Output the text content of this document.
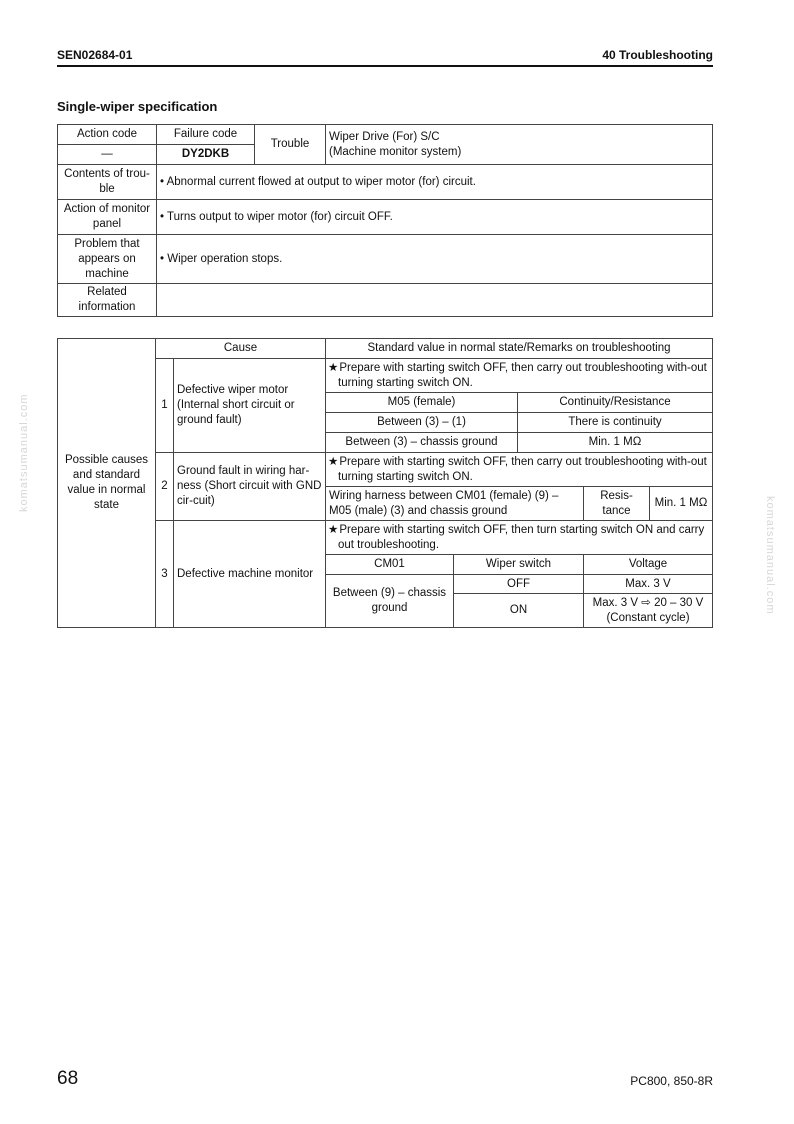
SEN02684-01	40 Troubleshooting
Single-wiper specification
Action code	Failure code	Trouble	Wiper Drive (For) S/C
(Machine monitor system)

—	DY2DKB		
Contents of trou-ble	• Abnormal current flowed at output to wiper motor (for) circuit.
Action of monitor panel	• Turns output to wiper motor (for) circuit OFF.
Problem that appears on machine	• Wiper operation stops.
Related information			
Possible causes and standard value in normal state	Cause		Standard value in normal state/Remarks on troubleshooting				
	1	Defective wiper motor (Internal short circuit or ground fault)	★ Prepare with starting switch OFF, then carry out troubleshooting with-out turning starting switch ON.
			M05 (female)		Continuity/Resistance		
			Between (3) – (1)		There is continuity		
			Between (3) – chassis ground		Min. 1 MΩ		
	2	Ground fault in wiring har-ness (Short circuit with GND cir-cuit)	★ Prepare with starting switch OFF, then carry out troubleshooting with-out turning starting switch ON.
			Wiring harness between CM01 (female) (9) – M05 (male) (3) and chassis ground			Resis-tance	Min. 1 MΩ
	3	Defective machine monitor	★ Prepare with starting switch OFF, then turn starting switch ON and carry out troubleshooting.
			CM01	Wiper switch		Voltage	
			Between (9) – chassis ground	OFF		Max. 3 V	
				ON		Max. 3 V ⇨ 20 – 30 V (Constant cycle)	
komatsumanual.com
komatsumanual.com
68	PC800, 850-8R
